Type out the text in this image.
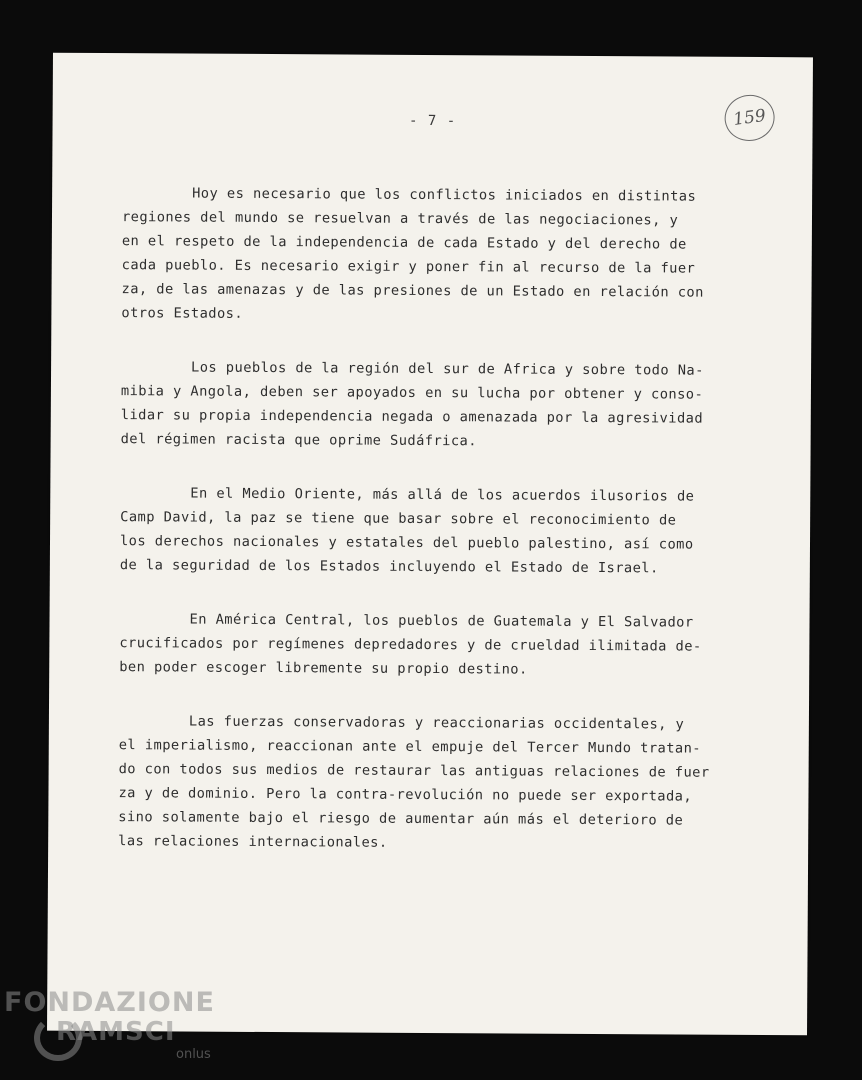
- 7 -	159
Hoy es necesario que los conflictos iniciados en distintas
regiones del mundo se resuelvan a través de las negociaciones, y
en el respeto de la independencia de cada Estado y del derecho de
cada pueblo. Es necesario exigir y poner fin al recurso de la fuer
za, de las amenazas y de las presiones de un Estado en relación con
otros Estados.
Los pueblos de la región del sur de Africa y sobre todo Na-
mibia y Angola, deben ser apoyados en su lucha por obtener y conso-
lidar su propia independencia negada o amenazada por la agresividad
del régimen racista que oprime Sudáfrica.
En el Medio Oriente, más allá de los acuerdos ilusorios de
Camp David, la paz se tiene que basar sobre el reconocimiento de
los derechos nacionales y estatales del pueblo palestino, así como
de la seguridad de los Estados incluyendo el Estado de Israel.
En América Central, los pueblos de Guatemala y El Salvador
crucificados por regímenes depredadores y de crueldad ilimitada de-
ben poder escoger libremente su propio destino.
Las fuerzas conservadoras y reaccionarias occidentales, y
el imperialismo, reaccionan ante el empuje del Tercer Mundo tratan-
do con todos sus medios de restaurar las antiguas relaciones de fuer
za y de dominio. Pero la contra-revolución no puede ser exportada,
sino solamente bajo el riesgo de aumentar aún más el deterioro de
las relaciones internacionales.
FONDAZIONE
RAMSCI
onlus
